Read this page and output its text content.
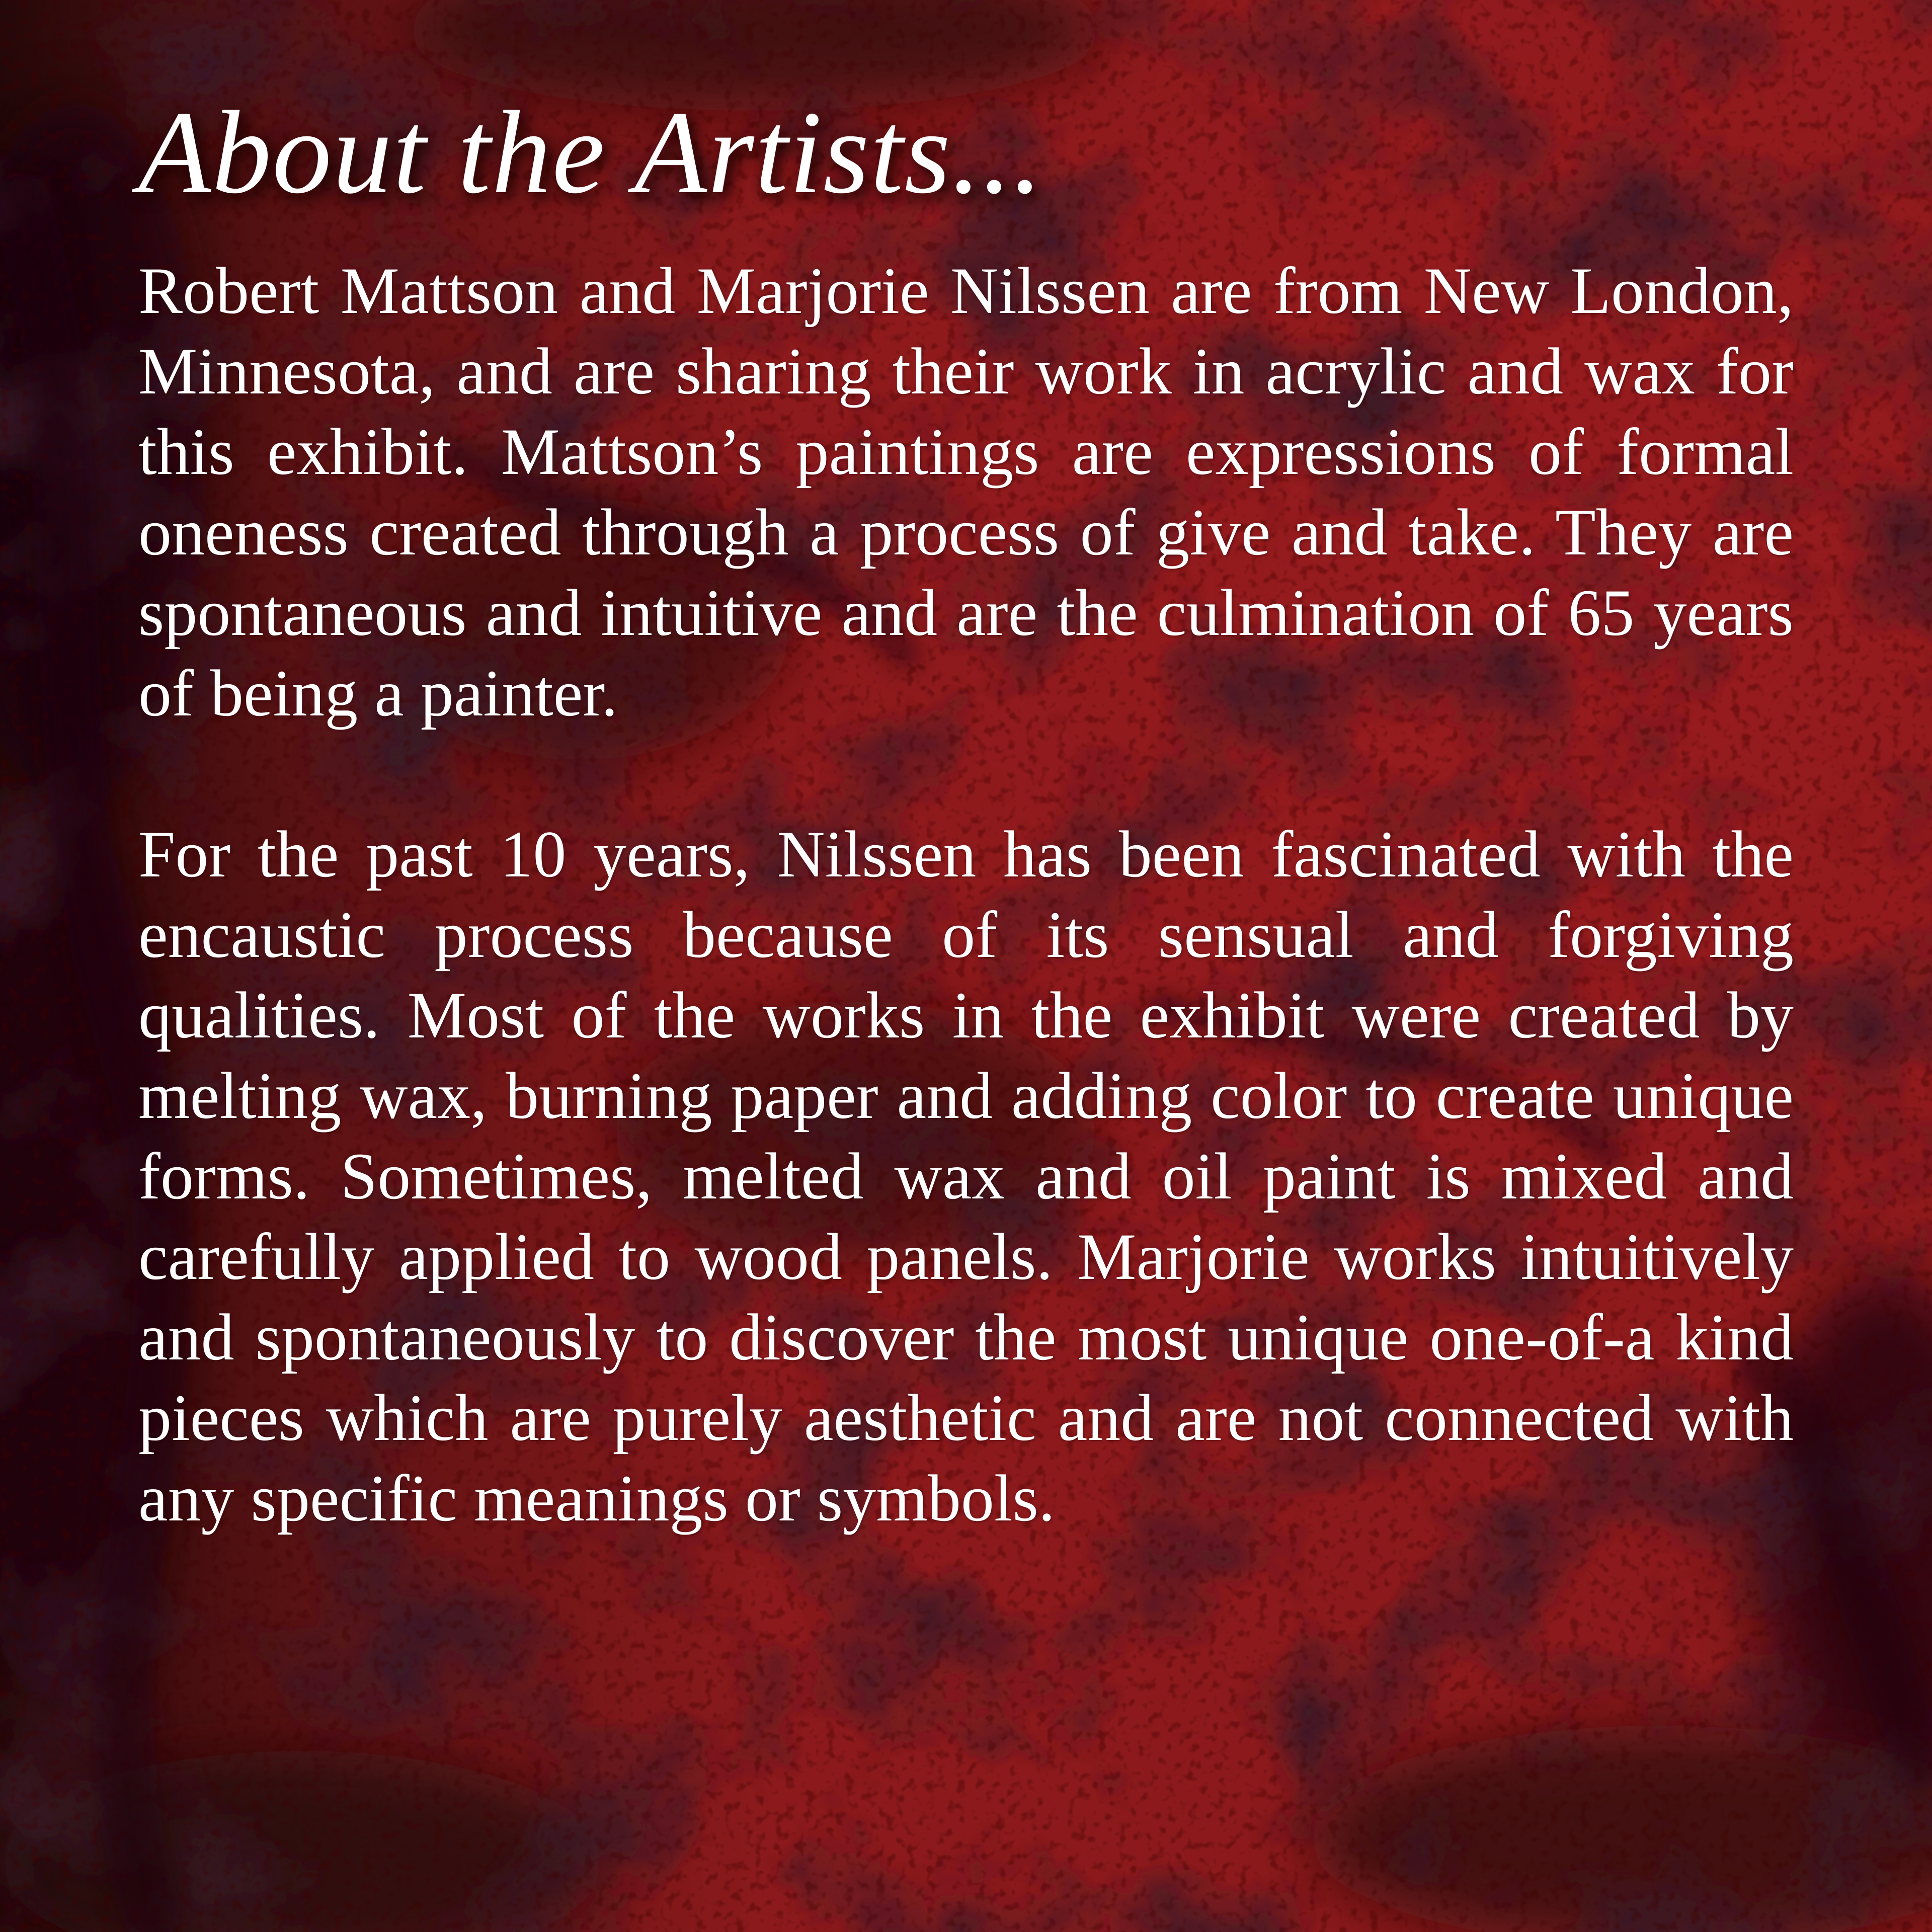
About the Artists...

Robert Mattson and Marjorie Nilssen are from New London, Minnesota, and are sharing their work in acrylic and wax for this exhibit. Mattson’s paintings are expressions of formal oneness created through a process of give and take. They are spontaneous and intuitive and are the culmination of 65 years of being a painter.

For the past 10 years, Nilssen has been fascinated with the encaustic process because of its sensual and forgiving qualities. Most of the works in the exhibit were created by melting wax, burning paper and adding color to create unique forms. Sometimes, melted wax and oil paint is mixed and carefully applied to wood panels. Marjorie works intuitively and spontaneously to discover the most unique one-of-a kind pieces which are purely aesthetic and are not connected with any specific meanings or symbols.
